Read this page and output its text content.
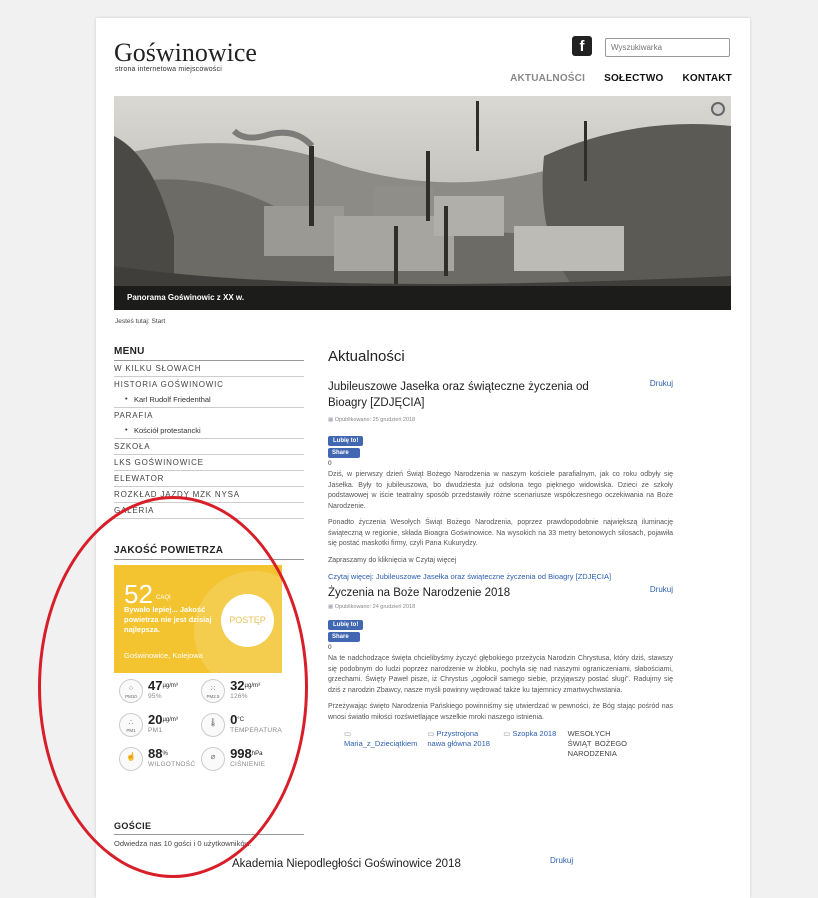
Goświnowice
strona internetowa miejscowości
f
Wyszukiwarka
AKTUALNOŚCI SOŁECTWO KONTAKT
Panorama Goświnowic z XX w.
Jesteś tutaj: Start
MENU
W KILKU SŁOWACH
HISTORIA GOŚWINOWIC
• Karl Rudolf Friedenthal
PARAFIA
• Kościół protestancki
SZKOŁA
LKS GOŚWINOWICE
ELEWATOR
ROZKŁAD JAZDY MZK NYSA
GALERIA
JAKOŚĆ POWIETRZA
52 CAQI
Bywało lepiej... Jakość powietrza nie jest dzisiaj najlepsza.
Goświnowice, Kolejowa
POSTĘP
⁘
PM10
$47^{\mu g/m^3}$
95%
⁙
PM2.5
$32^{\mu g/m^3}$
126%
∴
PM1
$20^{\mu g/m^3}$
PM1
🌡 $0^{^\circ C}$
TEMPERATURA
☝ 88%
WILGOTNOŚĆ
⌀ $998^{hPa}$
CIŚNIENIE
GOŚCIE
Odwiedza nas 10 gości i 0 użytkowników.
Aktualności
Drukuj
Jubileuszowe Jasełka oraz świąteczne życzenia od Bioagry [ZDJĘCIA]
▦ Opublikowano: 25 grudzień 2018
Lubię to!
Share
0

Dziś, w pierwszy dzień Świąt Bożego Narodzenia w naszym kościele parafialnym, jak co roku odbyły się Jasełka. Były to jubileuszowa, bo dwudziesta już odsłona tego pięknego widowiska. Dzieci ze szkoły podstawowej w iście teatralny sposób przedstawiły różne scenariusze współczesnego oczekiwania na Boże Narodzenie.

Ponadto życzenia Wesołych Świąt Bożego Narodzenia, poprzez prawdopodobnie największą iluminację świąteczną w regionie, składa Bioagra Goświnowice. Na wysokich na 33 metry betonowych silosach, pojawiła się postać maskotki firmy, czyli Pana Kukurydzy.

Zapraszamy do kliknięcia w Czytaj więcej

Czytaj więcej: Jubileuszowe Jasełka oraz świąteczne życzenia od Bioagry [ZDJĘCIA]
Drukuj
Życzenia na Boże Narodzenie 2018
▦ Opublikowano: 24 grudzień 2018
Lubię to!
Share
0

Na te nadchodzące święta chcielibyśmy życzyć głębokiego przeżycia Narodzin Chrystusa, który dziś, stawszy się podobnym do ludzi poprzez narodzenie w żłobku, pochyla się nad naszymi ograniczeniami, słabościami, grzechami. Święty Paweł pisze, iż Chrystus „ogołocił samego siebie, przyjąwszy postać sługi". Radujmy się dziś z narodzin Zbawcy, nasze myśli powinny wędrować także ku tajemnicy zmartwychwstania.

Przeżywając święto Narodzenia Pańskiego powinniśmy się utwierdzać w pewności, że Bóg stając pośród nas wnosi światło miłości rozświetlające wszelkie mroki naszego istnienia.

▭ Maria_z_Dzieciątkiem
▭ Przystrojona nawa główna 2018
▭ Szopka 2018 WESOŁYCH ŚWIĄT BOŻEGO NARODZENIA
Akademia Niepodległości Goświnowice 2018	Drukuj
